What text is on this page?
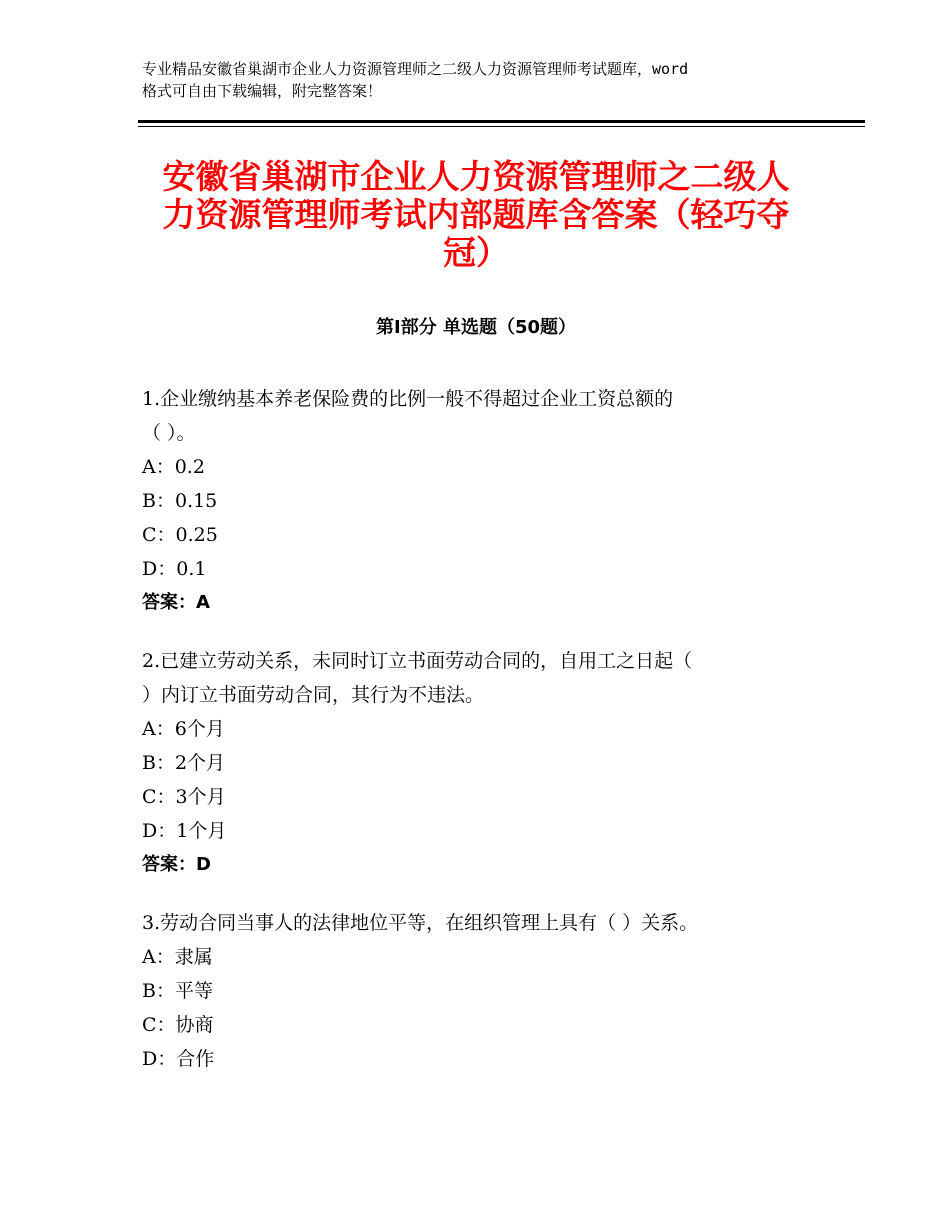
专业精品安徽省巢湖市企业人力资源管理师之二级人力资源管理师考试题库，word
格式可自由下载编辑，附完整答案！
安徽省巢湖市企业人力资源管理师之二级人
力资源管理师考试内部题库含答案（轻巧夺
冠）
第Ⅰ部分 单选题（50题）
1.企业缴纳基本养老保险费的比例一般不得超过企业工资总额的
（ ）。
A：0.2
B：0.15
C：0.25
D：0.1
答案：A
2.已建立劳动关系，未同时订立书面劳动合同的，自用工之日起（
）内订立书面劳动合同，其行为不违法。
A：6个月
B：2个月
C：3个月
D：1个月
答案：D
3.劳动合同当事人的法律地位平等，在组织管理上具有（ ）关系。
A：隶属
B：平等
C：协商
D：合作
